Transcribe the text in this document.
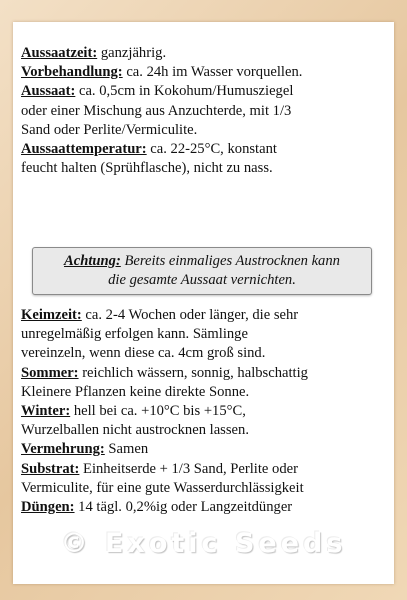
Aussaatzeit: ganzjährig.
Vorbehandlung: ca. 24h im Wasser vorquellen.
Aussaat: ca. 0,5cm in Kokohum/Humusziegel
oder einer Mischung aus Anzuchterde, mit 1/3
Sand oder Perlite/Vermiculite.
Aussaattemperatur: ca. 22-25°C, konstant
feucht halten (Sprühflasche), nicht zu nass.
Achtung: Bereits einmaliges Austrocknen kann
die gesamte Aussaat vernichten.
Keimzeit: ca. 2-4 Wochen oder länger, die sehr
unregelmäßig erfolgen kann. Sämlinge
vereinzeln, wenn diese ca. 4cm groß sind.
Sommer: reichlich wässern, sonnig, halbschattig
Kleinere Pflanzen keine direkte Sonne.
Winter: hell bei ca. +10°C bis +15°C,
Wurzelballen nicht austrocknen lassen.
Vermehrung: Samen
Substrat: Einheitserde + 1/3 Sand, Perlite oder
Vermiculite, für eine gute Wasserdurchlässigkeit
Düngen: 14 tägl. 0,2%ig oder Langzeitdünger
© Exotic Seeds
